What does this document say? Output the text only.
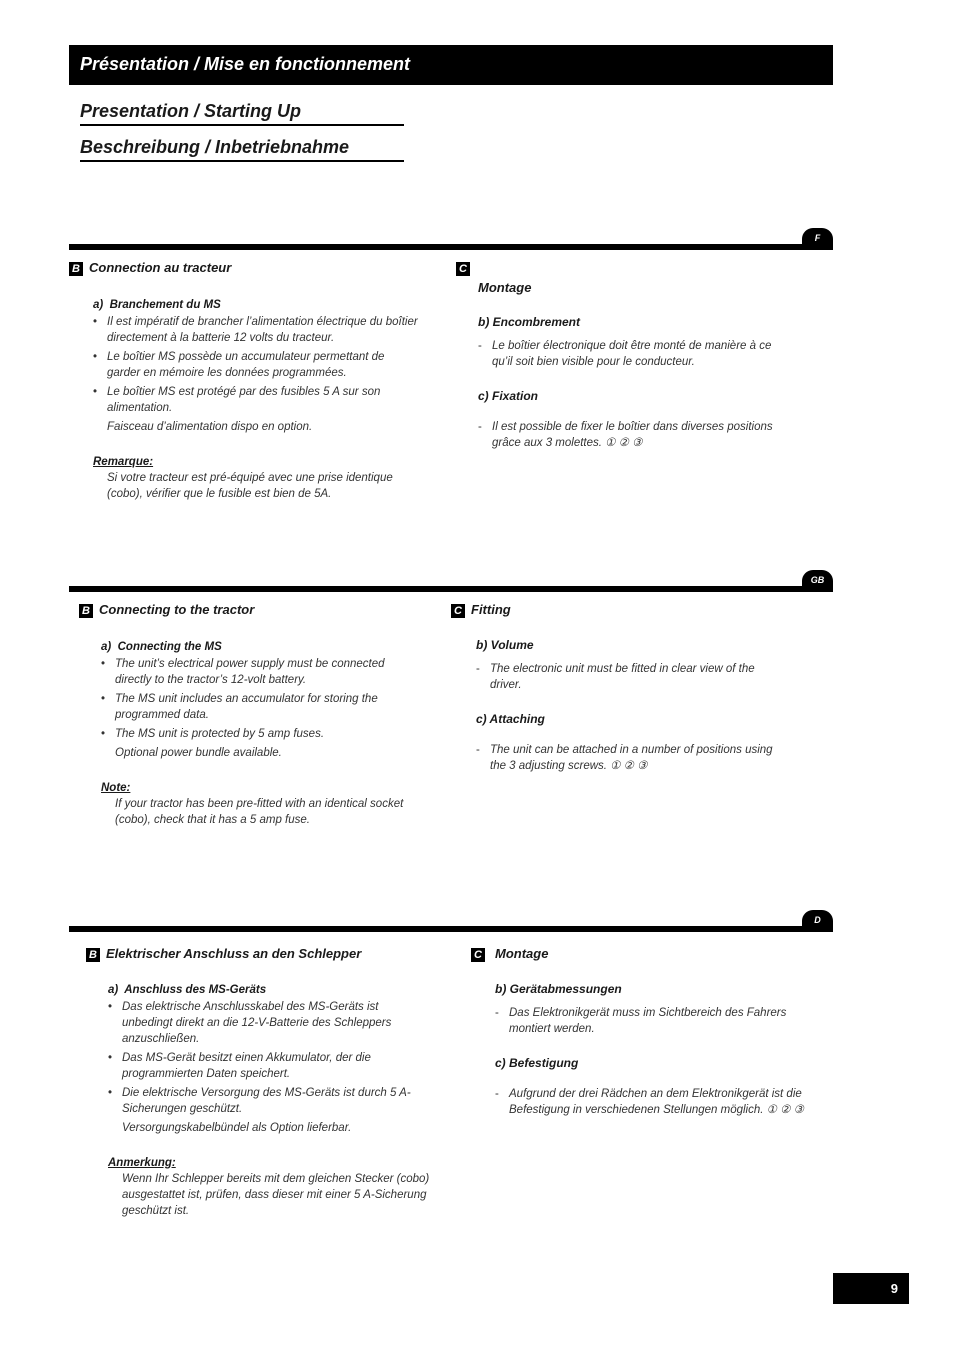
Présentation / Mise en fonctionnement
Presentation / Starting Up
Beschreibung / Inbetriebnahme
F
B Connection au tracteur
a) Branchement du MS
• Il est impératif de brancher l’alimentation électrique du boîtier directement à la batterie 12 volts du tracteur.
• Le boîtier MS possède un accumulateur permettant de garder en mémoire les données programmées.
• Le boîtier MS est protégé par des fusibles 5 A sur son alimentation.
Faisceau d’alimentation dispo en option.
Remarque:
Si votre tracteur est pré-équipé avec une prise identique (cobo), vérifier que le fusible est bien de 5A.
C
Montage
b) Encombrement
- Le boîtier électronique doit être monté de manière à ce qu’il soit bien visible pour le conducteur.
c) Fixation
- Il est possible de fixer le boîtier dans diverses positions grâce aux 3 molettes. ① ② ③
GB
B Connecting to the tractor
a) Connecting the MS
• The unit’s electrical power supply must be connected directly to the tractor’s 12-volt battery.
• The MS unit includes an accumulator for storing the programmed data.
• The MS unit is protected by 5 amp fuses.
Optional power bundle available.
Note:
If your tractor has been pre-fitted with an identical socket (cobo), check that it has a 5 amp fuse.
C Fitting
b) Volume
- The electronic unit must be fitted in clear view of the driver.
c) Attaching
- The unit can be attached in a number of positions using the 3 adjusting screws. ① ② ③
D
B Elektrischer Anschluss an den Schlepper
a) Anschluss des MS-Geräts
• Das elektrische Anschlusskabel des MS-Geräts ist unbedingt direkt an die 12-V-Batterie des Schleppers anzuschließen.
• Das MS-Gerät besitzt einen Akkumulator, der die programmierten Daten speichert.
• Die elektrische Versorgung des MS-Geräts ist durch 5 A-Sicherungen geschützt.
Versorgungskabelbündel als Option lieferbar.
Anmerkung:
Wenn Ihr Schlepper bereits mit dem gleichen Stecker (cobo) ausgestattet ist, prüfen, dass dieser mit einer 5 A-Sicherung geschützt ist.
C Montage
b) Gerätabmessungen
- Das Elektronikgerät muss im Sichtbereich des Fahrers montiert werden.
c) Befestigung
- Aufgrund der drei Rädchen an dem Elektronikgerät ist die Befestigung in verschiedenen Stellungen möglich. ① ② ③
9
